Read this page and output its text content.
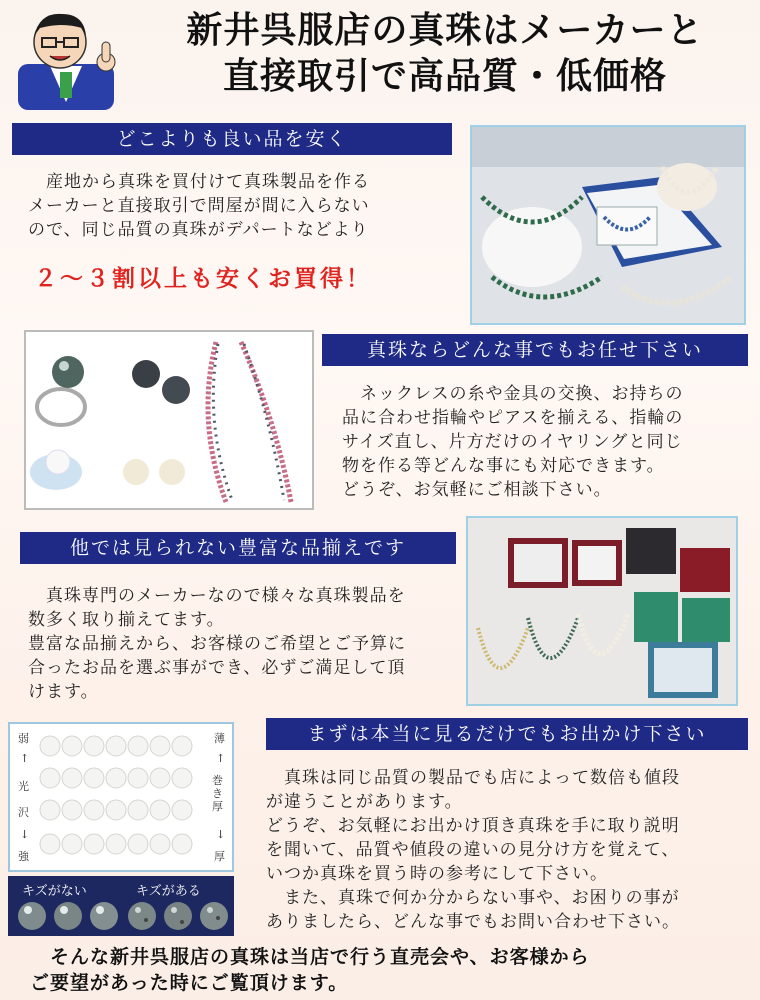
新井呉服店の真珠はメーカーと
直接取引で高品質・低価格
どこよりも良い品を安く
　産地から真珠を買付けて真珠製品を作る
メーカーと直接取引で問屋が間に入らない
ので、同じ品質の真珠がデパートなどより
２～３割以上も安くお買得！
真珠ならどんな事でもお任せ下さい
　ネックレスの糸や金具の交換、お持ちの
品に合わせ指輪やピアスを揃える、指輪の
サイズ直し、片方だけのイヤリングと同じ
物を作る等どんな事にも対応できます。
どうぞ、お気軽にご相談下さい。
他では見られない豊富な品揃えです
　真珠専門のメーカーなので様々な真珠製品を
数多く取り揃えてます。
豊富な品揃えから、お客様のご希望とご予算に
合ったお品を選ぶ事ができ、必ずご満足して頂
けます。
まずは本当に見るだけでもお出かけ下さい
　真珠は同じ品質の製品でも店によって数倍も値段
が違うことがあります。
どうぞ、お気軽にお出かけ頂き真珠を手に取り説明
を聞いて、品質や値段の違いの見分け方を覚えて、
いつか真珠を買う時の参考にして下さい。
　また、真珠で何か分からない事や、お困りの事が
ありましたら、どんな事でもお問い合わせ下さい。
弱
↑
光
沢
↓
強
薄
↑
巻き厚
↓
厚
キズがない	キズがある
　そんな新井呉服店の真珠は当店で行う直売会や、お客様から
ご要望があった時にご覧頂けます。
